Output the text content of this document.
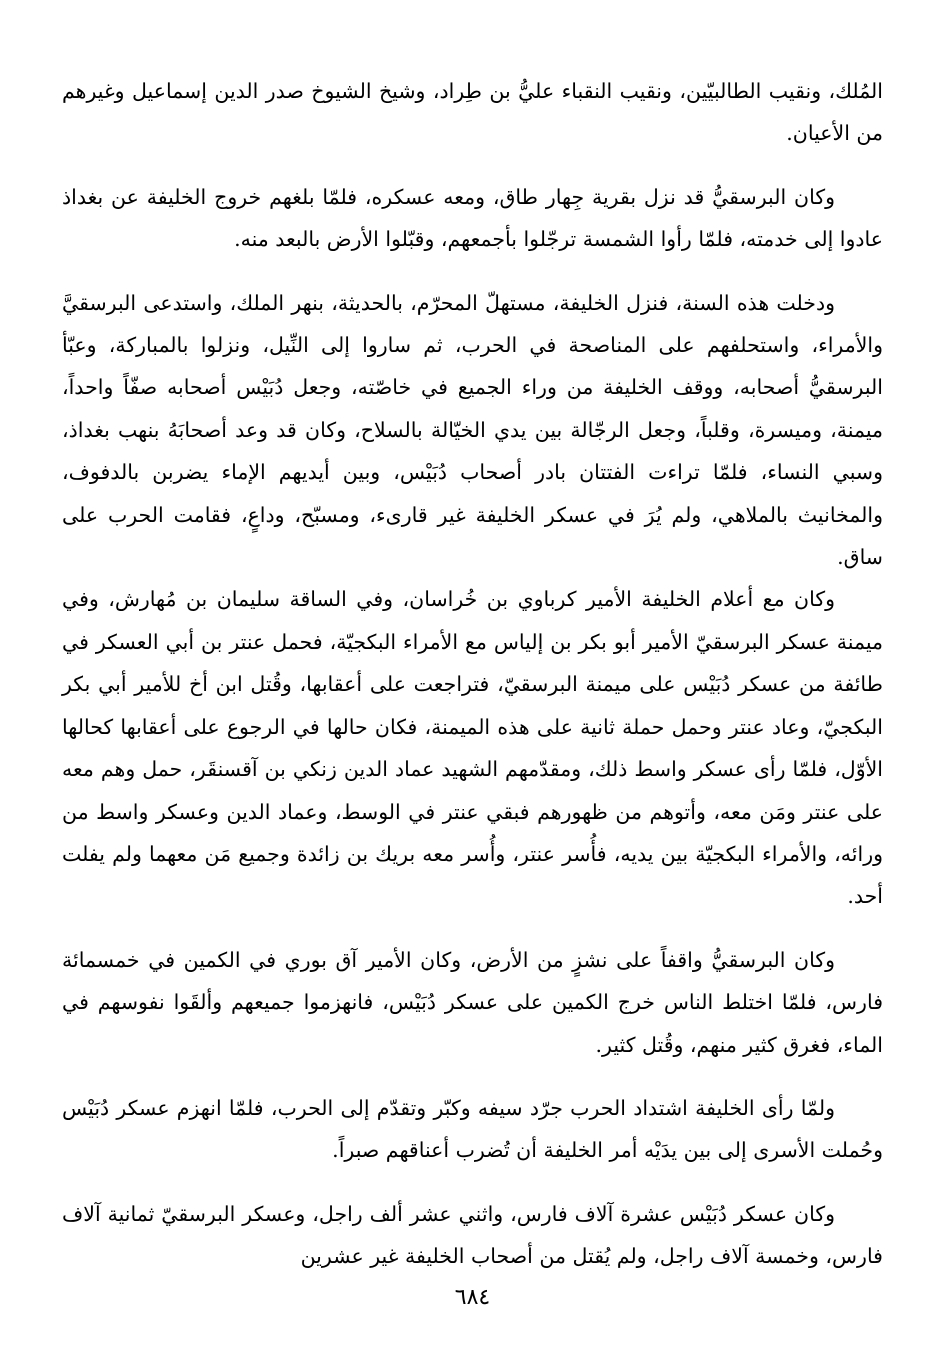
المُلك، ونقيب الطالبيّين، ونقيب النقباء عليُّ بن طِراد، وشيخ الشيوخ صدر الدين إسماعيل وغيرهم من الأعيان.

وكان البرسقيُّ قد نزل بقرية جِهار طاق، ومعه عسكره، فلمّا بلغهم خروج الخليفة عن بغداذ عادوا إلى خدمته، فلمّا رأوا الشمسة ترجّلوا بأجمعهم، وقبّلوا الأرض بالبعد منه.

ودخلت هذه السنة، فنزل الخليفة، مستهلّ المحرّم، بالحديثة، بنهر الملك، واستدعى البرسقيَّ والأمراء، واستحلفهم على المناصحة في الحرب، ثم ساروا إلى النِّيل، ونزلوا بالمباركة، وعبّأ البرسقيُّ أصحابه، ووقف الخليفة من وراء الجميع في خاصّته، وجعل دُبَيْس أصحابه صفّاً واحداً، ميمنة، وميسرة، وقلباً، وجعل الرجّالة بين يدي الخيّالة بالسلاح، وكان قد وعد أصحابَهُ بنهب بغداذ، وسبي النساء، فلمّا تراءت الفتتان بادر أصحاب دُبَيْس، وبين أيديهم الإماء يضربن بالدفوف، والمخانيث بالملاهي، ولم يُرَ في عسكر الخليفة غير قارىء، ومسبّح، وداعٍ، فقامت الحرب على ساق.

وكان مع أعلام الخليفة الأمير كرباوي بن خُراسان، وفي الساقة سليمان بن مُهارش، وفي ميمنة عسكر البرسقيّ الأمير أبو بكر بن إلياس مع الأمراء البكجيّة، فحمل عنتر بن أبي العسكر في طائفة من عسكر دُبَيْس على ميمنة البرسقيّ، فتراجعت على أعقابها، وقُتل ابن أخ للأمير أبي بكر البكجيّ، وعاد عنتر وحمل حملة ثانية على هذه الميمنة، فكان حالها في الرجوع على أعقابها كحالها الأوّل، فلمّا رأى عسكر واسط ذلك، ومقدّمهم الشهيد عماد الدين زنكي بن آقسنقَر، حمل وهم معه على عنتر ومَن معه، وأتوهم من ظهورهم فبقي عنتر في الوسط، وعماد الدين وعسكر واسط من ورائه، والأمراء البكجيّة بين يديه، فأُسر عنتر، وأُسر معه بريك بن زائدة وجميع مَن معهما ولم يفلت أحد.

وكان البرسقيُّ واقفاً على نشزٍ من الأرض، وكان الأمير آق بوري في الكمين في خمسمائة فارس، فلمّا اختلط الناس خرج الكمين على عسكر دُبَيْس، فانهزموا جميعهم وألقَوا نفوسهم في الماء، فغرق كثير منهم، وقُتل كثير.

ولمّا رأى الخليفة اشتداد الحرب جرّد سيفه وكبّر وتقدّم إلى الحرب، فلمّا انهزم عسكر دُبَيْس وحُملت الأسرى إلى بين يدَيْه أمر الخليفة أن تُضرب أعناقهم صبراً.

وكان عسكر دُبَيْس عشرة آلاف فارس، واثني عشر ألف راجل، وعسكر البرسقيّ ثمانية آلاف فارس، وخمسة آلاف راجل، ولم يُقتل من أصحاب الخليفة غير عشرين

٦٨٤
